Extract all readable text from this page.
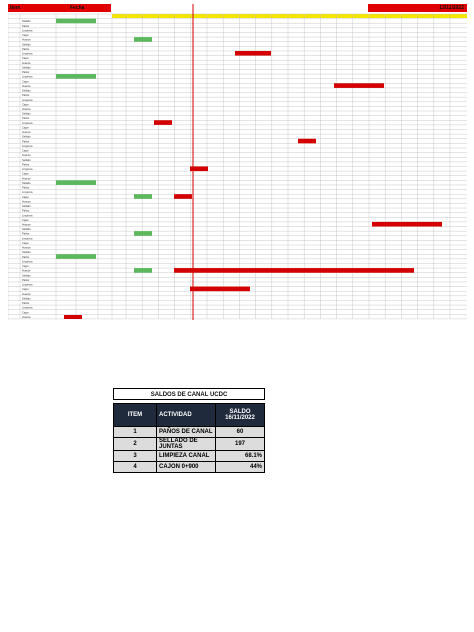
Item	Fecha	13/11/2022
Sellado
Paños
Limpieza
Cajon
Avance
Sellado
Paños
Limpieza
Cajon
Avance
Sellado
Paños
Limpieza
Cajon
Avance
Sellado
Paños
Limpieza
Cajon
Avance
Sellado
Paños
Limpieza
Cajon
Avance
Sellado
Paños
Limpieza
Cajon
Avance
Sellado
Paños
Limpieza
Cajon
Avance
Sellado
Paños
Limpieza
Cajon
Avance
Sellado
Paños
Limpieza
Cajon
Avance
Sellado
Paños
Limpieza
Cajon
Avance
Sellado
Paños
Limpieza
Cajon
Avance
Sellado
Paños
Limpieza
Cajon
Avance
Sellado
Paños
Limpieza
Cajon
Avance
SALDOS DE CANAL UCDC
ITEM	ACTIVIDAD	SALDO 16/11/2022
1	PAÑOS DE CANAL	60
2	SELLADO DE JUNTAS	197
3	LIMPIEZA CANAL	68.1%
4	CAJON 0+900	44%
